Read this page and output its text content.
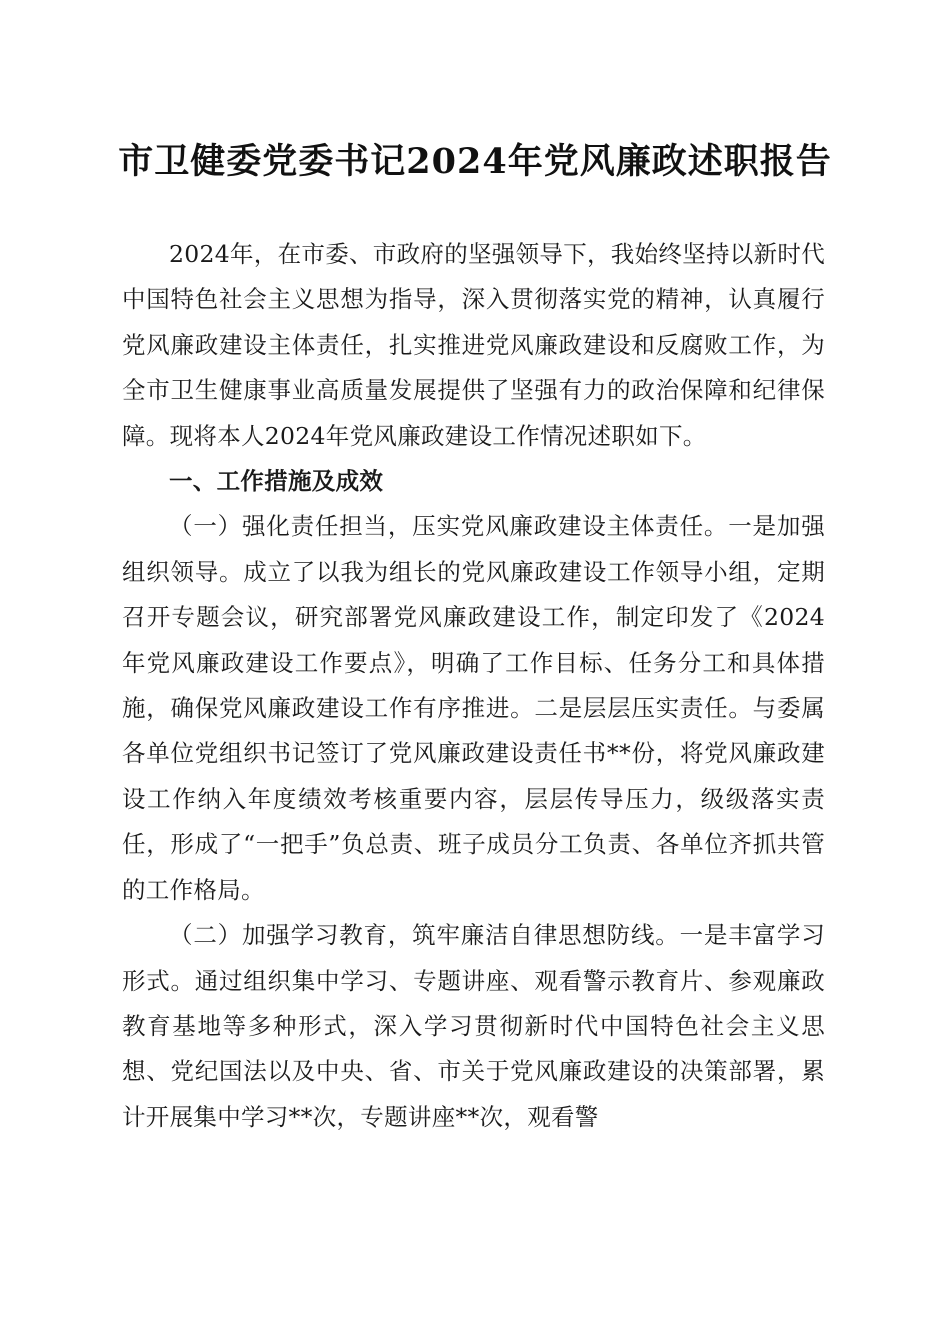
市卫健委党委书记2024年党风廉政述职报告

2024年，在市委、市政府的坚强领导下，我始终坚持以新时代中国特色社会主义思想为指导，深入贯彻落实党的精神，认真履行党风廉政建设主体责任，扎实推进党风廉政建设和反腐败工作，为全市卫生健康事业高质量发展提供了坚强有力的政治保障和纪律保障。现将本人2024年党风廉政建设工作情况述职如下。

一、工作措施及成效

（一）强化责任担当，压实党风廉政建设主体责任。一是加强组织领导。成立了以我为组长的党风廉政建设工作领导小组，定期召开专题会议，研究部署党风廉政建设工作，制定印发了《2024年党风廉政建设工作要点》，明确了工作目标、任务分工和具体措施，确保党风廉政建设工作有序推进。二是层层压实责任。与委属各单位党组织书记签订了党风廉政建设责任书**份，将党风廉政建设工作纳入年度绩效考核重要内容，层层传导压力，级级落实责任，形成了“一把手”负总责、班子成员分工负责、各单位齐抓共管的工作格局。

（二）加强学习教育，筑牢廉洁自律思想防线。一是丰富学习形式。通过组织集中学习、专题讲座、观看警示教育片、参观廉政教育基地等多种形式，深入学习贯彻新时代中国特色社会主义思想、党纪国法以及中央、省、市关于党风廉政建设的决策部署，累计开展集中学习**次，专题讲座**次，观看警
